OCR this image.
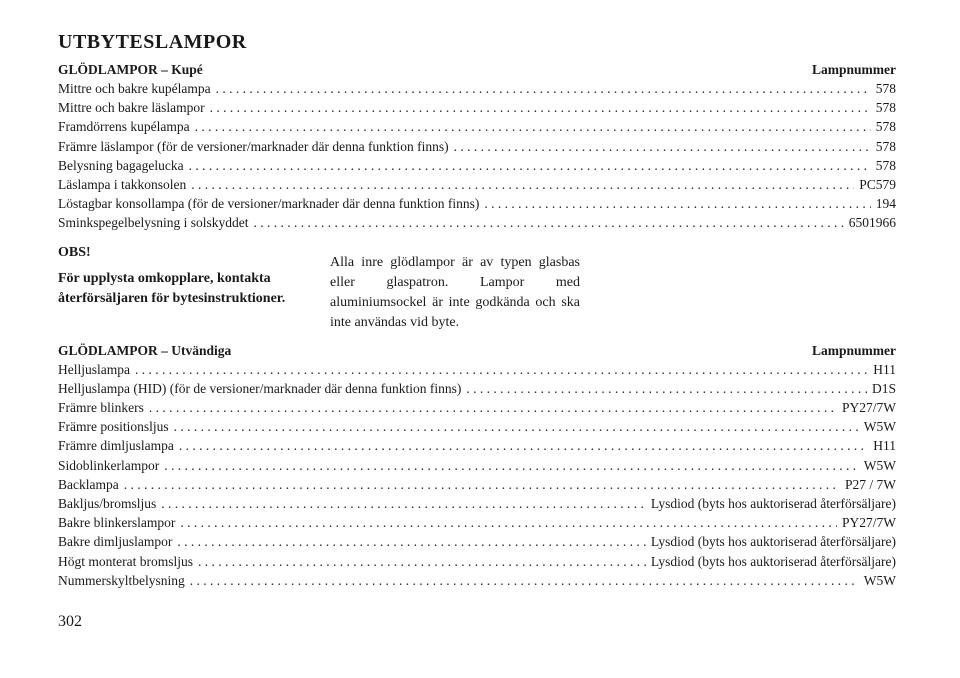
UTBYTESLAMPOR
GLÖDLAMPOR – Kupé	Lampnummer
Mittre och bakre kupélampa . . .	578
Mittre och bakre läslampor . . .	578
Framdörrens kupélampa . . .	578
Främre läslampor (för de versioner/marknader där denna funktion finns) . . .	578
Belysning bagagelucka . . .	578
Läslampa i takkonsolen . . .	PC579
Löstagbar konsollampa (för de versioner/marknader där denna funktion finns) . . .	194
Sminkspegelbelysning i solskyddet . . .	6501966

OBS!

För upplysta omkopplare, kontakta återförsäljaren för bytesinstruktioner.

Alla inre glödlampor är av typen glasbas eller glaspatron. Lampor med aluminiumsockel är inte godkända och ska inte användas vid byte.
GLÖDLAMPOR – Utvändiga	Lampnummer
Helljuslampa . . .	H11
Helljuslampa (HID) (för de versioner/marknader där denna funktion finns) . . .	D1S
Främre blinkers . . .	PY27/7W
Främre positionsljus . . .	W5W
Främre dimljuslampa . . .	H11
Sidoblinkerlampor . . .	W5W
Backlampa . . .	P27 / 7W
Bakljus/bromsljus . . .	Lysdiod (byts hos auktoriserad återförsäljare)
Bakre blinkerslampor . . .	PY27/7W
Bakre dimljuslampor . . .	Lysdiod (byts hos auktoriserad återförsäljare)
Högt monterat bromsljus . . .	Lysdiod (byts hos auktoriserad återförsäljare)
Nummerskyltbelysning . . .	W5W
302
